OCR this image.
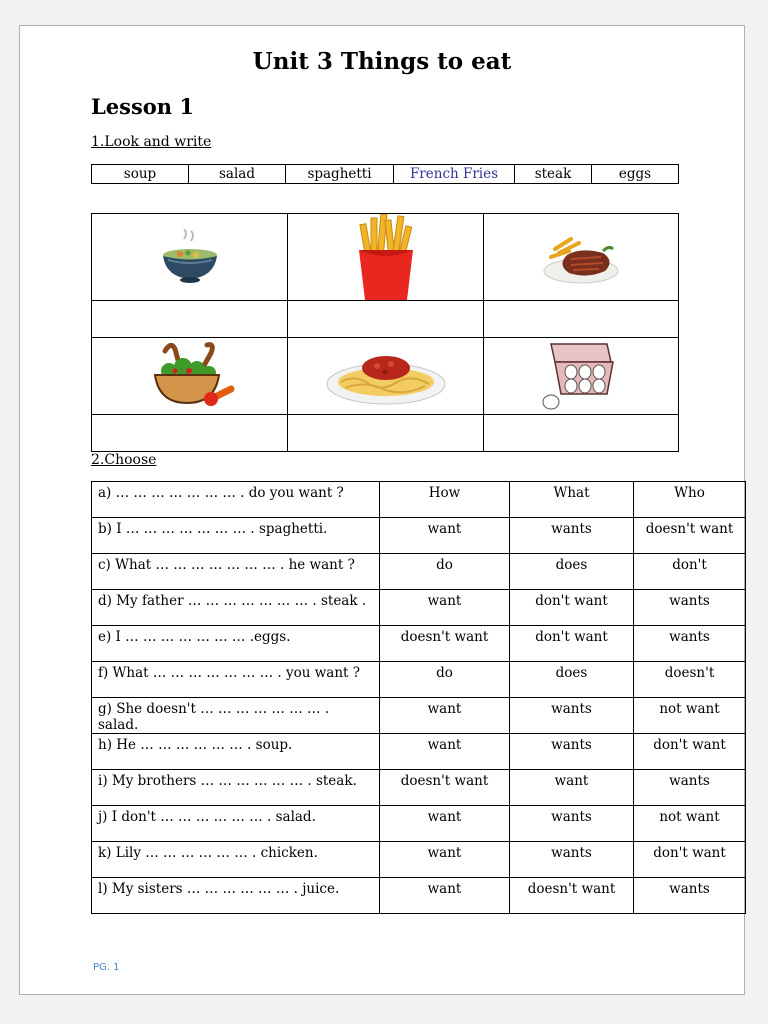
Unit 3 Things to eat
Lesson 1
1.Look and write
soup	salad	spaghetti	French Fries	steak	eggs

2.Choose
a) … … … … … … … . do you want ?	How	What	Who
b) I … … … … … … … . spaghetti.	want	wants	doesn't want
c) What … … … … … … … . he want ?	do	does	don't
d) My father … … … … … … … . steak .	want	don't want	wants
e) I … … … … … … … .eggs.	doesn't want	don't want	wants
f) What … … … … … … … . you want ?	do	does	doesn't
g) She doesn't … … … … … … … . salad.	want	wants	not want
h) He … … … … … … . soup.	want	wants	don't want
i) My brothers … … … … … … . steak.	doesn't want	want	wants
j) I don't … … … … … … . salad.	want	wants	not want
k) Lily … … … … … … . chicken.	want	wants	don't want
l) My sisters … … … … … … . juice.	want	doesn't want	wants
PG. 1
